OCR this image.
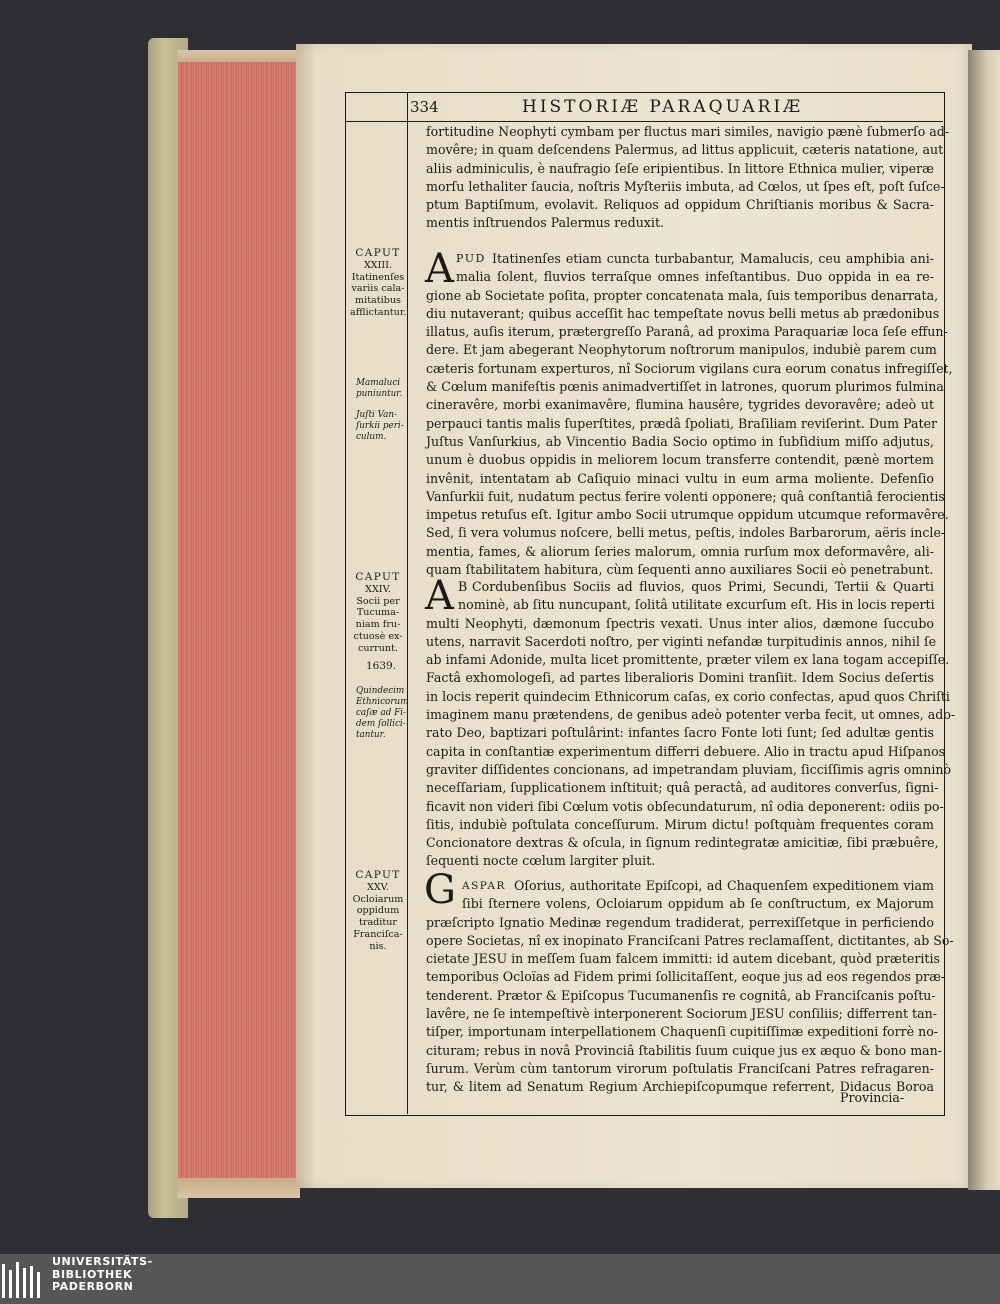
334	HISTORIÆ PARAQUARIÆ
fortitudine Neophyti cymbam per fluctus mari similes, navigio pænè ſubmerſo ad-
movêre; in quam deſcendens Palermus, ad littus applicuit, cæteris natatione, aut
aliis adminiculis, è naufragio ſeſe eripientibus. In littore Ethnica mulier, viperæ
morſu lethaliter ſaucia, noſtris Myſteriis imbuta, ad Cœlos, ut ſpes eſt, poſt ſuſce-
ptum Baptiſmum, evolavit. Reliquos ad oppidum Chriſtianis moribus & Sacra-
mentis inſtruendos Palermus reduxit.
CAPUT
XXIII.
Itatinenſes
variis cala-
mitatibus
afflictantur.
A PUD Itatinenſes etiam cuncta turbabantur, Mamalucis, ceu amphibia ani-
malia ſolent, fluvios terraſque omnes infeſtantibus. Duo oppida in ea re-
gione ab Societate poſita, propter concatenata mala, ſuis temporibus denarrata,
diu nutaverant; quibus acceſſit hac tempeſtate novus belli metus ab prædonibus
illatus, auſis iterum, prætergreſſo Paranâ, ad proxima Paraquariæ loca ſeſe effun-
dere. Et jam abegerant Neophytorum noſtrorum manipulos, indubiè parem cum
cæteris fortunam experturos, nî Sociorum vigilans cura eorum conatus infregiſſet,
& Cœlum manifeſtis pœnis animadvertiſſet in latrones, quorum plurimos fulmina
cineravêre, morbi exanimavêre, flumina hausêre, tygrides devoravêre; adeò ut
perpauci tantis malis ſuperſtites, prædâ ſpoliati, Braſiliam reviſerint. Dum Pater
Juſtus Vanſurkius, ab Vincentio Badia Socio optimo in ſubſidium miſſo adjutus,
unum è duobus oppidis in meliorem locum transferre contendit, pænè mortem
invênit, intentatam ab Caſiquio minaci vultu in eum arma moliente. Defenſio
Vanſurkii fuit, nudatum pectus ferire volenti opponere; quâ conſtantiâ ferocientis
impetus retuſus eſt. Igitur ambo Socii utrumque oppidum utcumque reformavêre.
Sed, ſi vera volumus noſcere, belli metus, peſtis, indoles Barbarorum, aëris incle-
mentia, fames, & aliorum ſeries malorum, omnia rurſum mox deformavêre, ali-
quam ſtabilitatem habitura, cùm ſequenti anno auxiliares Socii eò penetrabunt.
Mamaluci
puniuntur.
Juſti Van-
ſurkii peri-
culum.
CAPUT
XXIV.
Socii per
Tucuma-
niam fru-
ctuosè ex-
currunt.
1639.
A B Cordubenſibus Sociis ad fluvios, quos Primi, Secundi, Tertii & Quarti
nominè, ab ſitu nuncupant, ſolitâ utilitate excurſum eſt. His in locis reperti
multi Neophyti, dæmonum ſpectris vexati. Unus inter alios, dæmone ſuccubo
utens, narravit Sacerdoti noſtro, per viginti nefandæ turpitudinis annos, nihil ſe
ab infami Adonide, multa licet promittente, præter vilem ex lana togam accepiſſe.
Factâ exhomologeſi, ad partes liberalioris Domini tranſiit. Idem Socius deſertis
in locis reperit quindecim Ethnicorum caſas, ex corio confectas, apud quos Chriſti
imaginem manu prætendens, de genibus adeò potenter verba fecit, ut omnes, ado-
rato Deo, baptizari poſtulârint: infantes ſacro Fonte loti ſunt; ſed adultæ gentis
capita in conſtantiæ experimentum differri debuere. Alio in tractu apud Hiſpanos
graviter diſſidentes concionans, ad impetrandam pluviam, ſicciſſimis agris omninò
neceſſariam, ſupplicationem inſtituit; quâ peractâ, ad auditores converſus, ſigni-
ficavit non videri ſibi Cœlum votis obſecundaturum, nî odia deponerent: odiis po-
ſitis, indubiè poſtulata conceſſurum. Mirum dictu! poſtquàm frequentes coram
Concionatore dextras & oſcula, in ſignum redintegratæ amicitiæ, ſibi præbuêre,
ſequenti nocte cœlum largiter pluit.
Quindecim
Ethnicorum
caſæ ad Fi-
dem ſollici-
tantur.
CAPUT
XXV.
Ocloiarum
oppidum
traditur
Franciſca-
nis.
G ASPAR Oſorius, authoritate Epiſcopi, ad Chaquenſem expeditionem viam
ſibi ſternere volens, Ocloiarum oppidum ab ſe conſtructum, ex Majorum
præſcripto Ignatio Medinæ regendum tradiderat, perrexiſſetque in perficiendo
opere Societas, nî ex inopinato Franciſcani Patres reclamaſſent, dictitantes, ab So-
cietate JESU in meſſem ſuam falcem immitti: id autem dicebant, quòd præteritis
temporibus Ocloïas ad Fidem primi ſollicitaſſent, eoque jus ad eos regendos præ-
tenderent. Prætor & Epiſcopus Tucumanenſis re cognitâ, ab Franciſcanis poſtu-
lavêre, ne ſe intempeſtivè interponerent Sociorum JESU conſiliis; differrent tan-
tiſper, importunam interpellationem Chaquenſi cupitiſſimæ expeditioni forrè no-
cituram; rebus in novâ Provinciâ ſtabilitis ſuum cuique jus ex æquo & bono man-
ſurum. Verùm cùm tantorum virorum poſtulatis Franciſcani Patres refragaren-
tur, & litem ad Senatum Regium Archiepiſcopumque referrent, Didacus Boroa
Provincia-
UNIVERSITÄTS-
BIBLIOTHEK
PADERBORN
